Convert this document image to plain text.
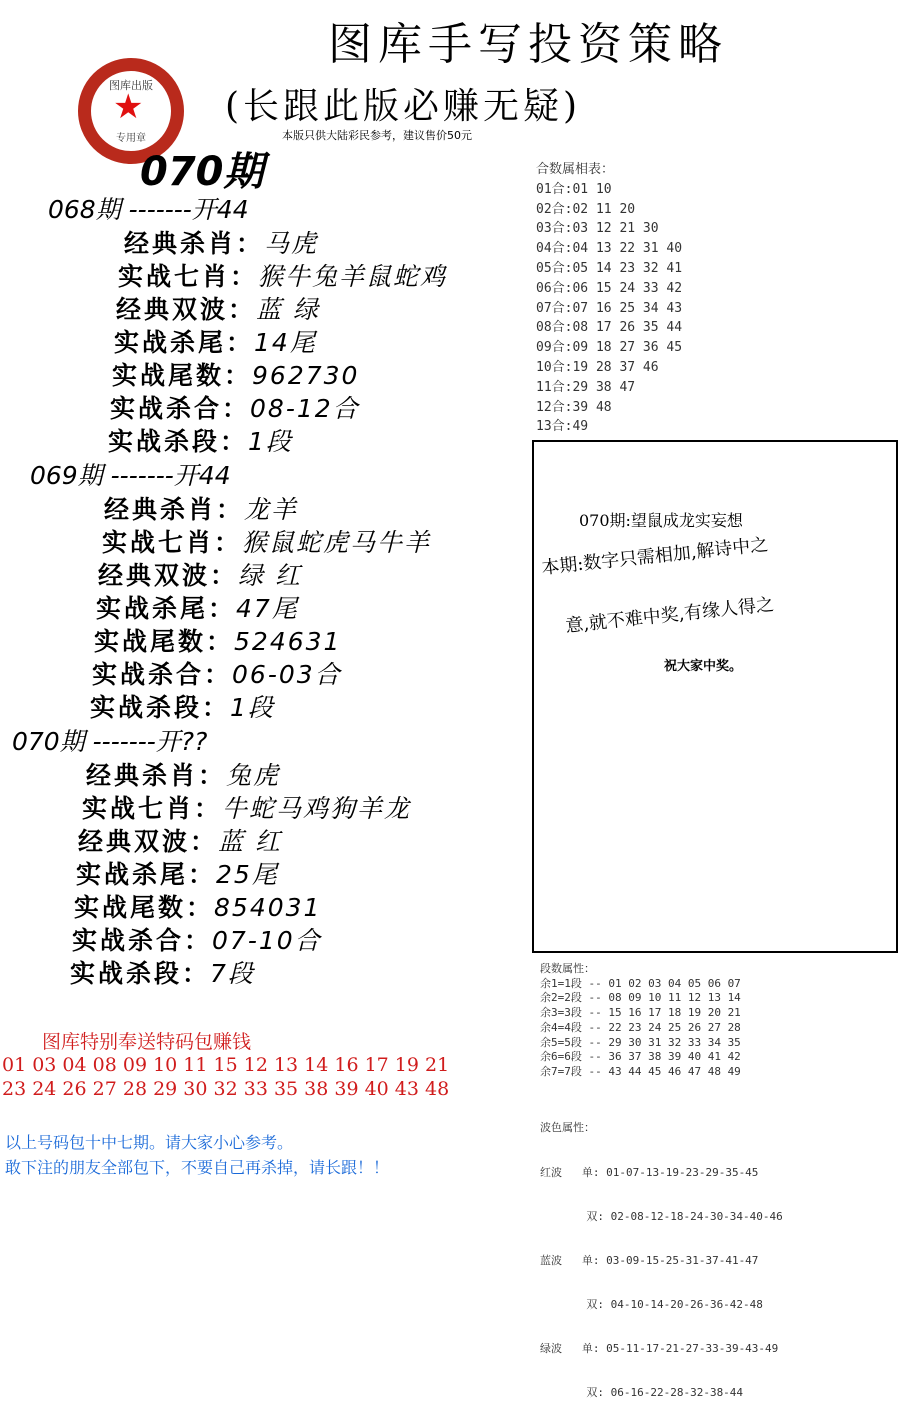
图库手写投资策略
(长跟此版必赚无疑)
本版只供大陆彩民参考，建议售价50元
图库出版
★
专用章
070期
068期 -------开44
经典杀肖：马虎
实战七肖：猴牛兔羊鼠蛇鸡
经典双波：蓝 绿
实战杀尾：14尾
实战尾数：962730
实战杀合：08-12合
实战杀段：1段
069期 -------开44
经典杀肖：龙羊
实战七肖：猴鼠蛇虎马牛羊
经典双波：绿 红
实战杀尾：47尾
实战尾数：524631
实战杀合：06-03合
实战杀段：1段
070期 -------开??
经典杀肖：兔虎
实战七肖：牛蛇马鸡狗羊龙
经典双波：蓝 红
实战杀尾：25尾
实战尾数：854031
实战杀合：07-10合
实战杀段：7段
合数属相表：
01合:01 10
02合:02 11 20
03合:03 12 21 30
04合:04 13 22 31 40
05合:05 14 23 32 41
06合:06 15 24 33 42
07合:07 16 25 34 43
08合:08 17 26 35 44
09合:09 18 27 36 45
10合:19 28 37 46
11合:29 38 47
12合:39 48
13合:49
070期:望鼠成龙实妄想
本期:数字只需相加,解诗中之
意,就不难中奖,有缘人得之
祝大家中奖。
段数属性：
余1=1段 -- 01 02 03 04 05 06 07
余2=2段 -- 08 09 10 11 12 13 14
余3=3段 -- 15 16 17 18 19 20 21
余4=4段 -- 22 23 24 25 26 27 28
余5=5段 -- 29 30 31 32 33 34 35
余6=6段 -- 36 37 38 39 40 41 42
余7=7段 -- 43 44 45 46 47 48 49

波色属性：

红波   单: 01-07-13-19-23-29-35-45

双: 02-08-12-18-24-30-34-40-46

蓝波   单: 03-09-15-25-31-37-41-47

双: 04-10-14-20-26-36-42-48

绿波   单: 05-11-17-21-27-33-39-43-49

双: 06-16-22-28-32-38-44

图库特别奉送特码包赚钱
01 03 04 08 09 10 11 15 12 13 14 16 17 19 21
23 24 26 27 28 29 30 32 33 35 38 39 40 43 48
以上号码包十中七期。请大家小心参考。
敢下注的朋友全部包下，不要自己再杀掉，请长跟！！
